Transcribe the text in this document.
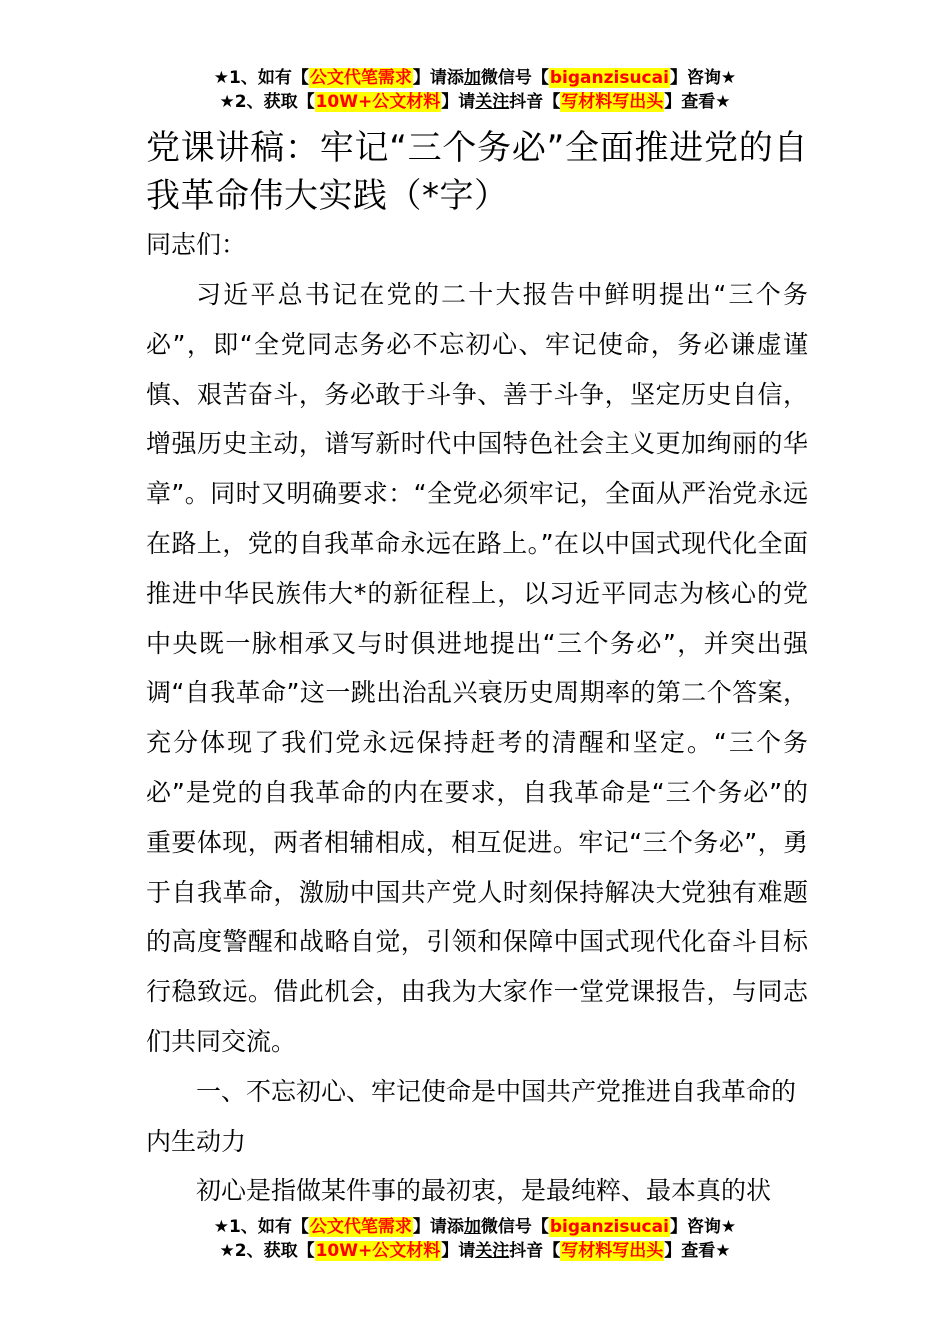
★1、如有【公文代笔需求】请添加微信号【biganzisucai】咨询★
★2、获取【10W+公文材料】请关注抖音【写材料写出头】查看★
党课讲稿：牢记“三个务必”全面推进党的自我革命伟大实践（*字）

同志们：

习近平总书记在党的二十大报告中鲜明提出“三个务必”，即“全党同志务必不忘初心、牢记使命，务必谦虚谨慎、艰苦奋斗，务必敢于斗争、善于斗争，坚定历史自信，增强历史主动，谱写新时代中国特色社会主义更加绚丽的华章”。同时又明确要求：“全党必须牢记，全面从严治党永远在路上，党的自我革命永远在路上。”在以中国式现代化全面推进中华民族伟大*的新征程上，以习近平同志为核心的党中央既一脉相承又与时俱进地提出“三个务必”，并突出强调“自我革命”这一跳出治乱兴衰历史周期率的第二个答案，充分体现了我们党永远保持赶考的清醒和坚定。“三个务必”是党的自我革命的内在要求，自我革命是“三个务必”的重要体现，两者相辅相成，相互促进。牢记“三个务必”，勇于自我革命，激励中国共产党人时刻保持解决大党独有难题的高度警醒和战略自觉，引领和保障中国式现代化奋斗目标行稳致远。借此机会，由我为大家作一堂党课报告，与同志们共同交流。

一、不忘初心、牢记使命是中国共产党推进自我革命的内生动力

初心是指做某件事的最初衷，是最纯粹、最本真的状

★1、如有【公文代笔需求】请添加微信号【biganzisucai】咨询★
★2、获取【10W+公文材料】请关注抖音【写材料写出头】查看★
